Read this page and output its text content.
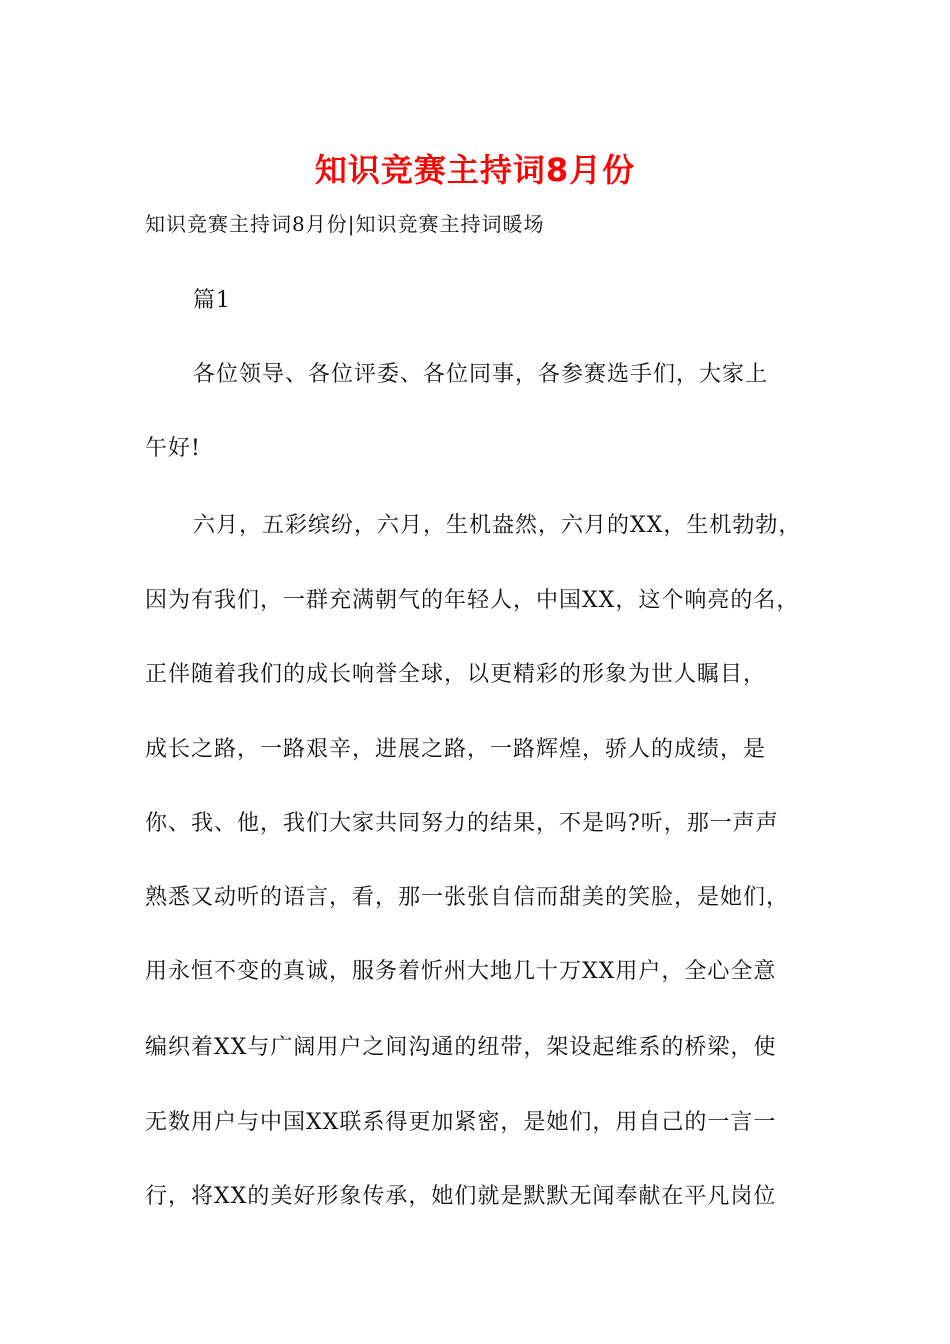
知识竞赛主持词8月份
知识竞赛主持词8月份|知识竞赛主持词暖场
篇1
各位领导、各位评委、各位同事，各参赛选手们，大家上
午好!
六月，五彩缤纷，六月，生机盎然，六月的XX，生机勃勃，
因为有我们，一群充满朝气的年轻人，中国XX，这个响亮的名，
正伴随着我们的成长响誉全球，以更精彩的形象为世人瞩目，
成长之路，一路艰辛，进展之路，一路辉煌，骄人的成绩，是
你、我、他，我们大家共同努力的结果，不是吗?听，那一声声
熟悉又动听的语言，看，那一张张自信而甜美的笑脸，是她们，
用永恒不变的真诚，服务着忻州大地几十万XX用户，全心全意
编织着XX与广阔用户之间沟通的纽带，架设起维系的桥梁，使
无数用户与中国XX联系得更加紧密，是她们，用自己的一言一
行，将XX的美好形象传承，她们就是默默无闻奉献在平凡岗位
